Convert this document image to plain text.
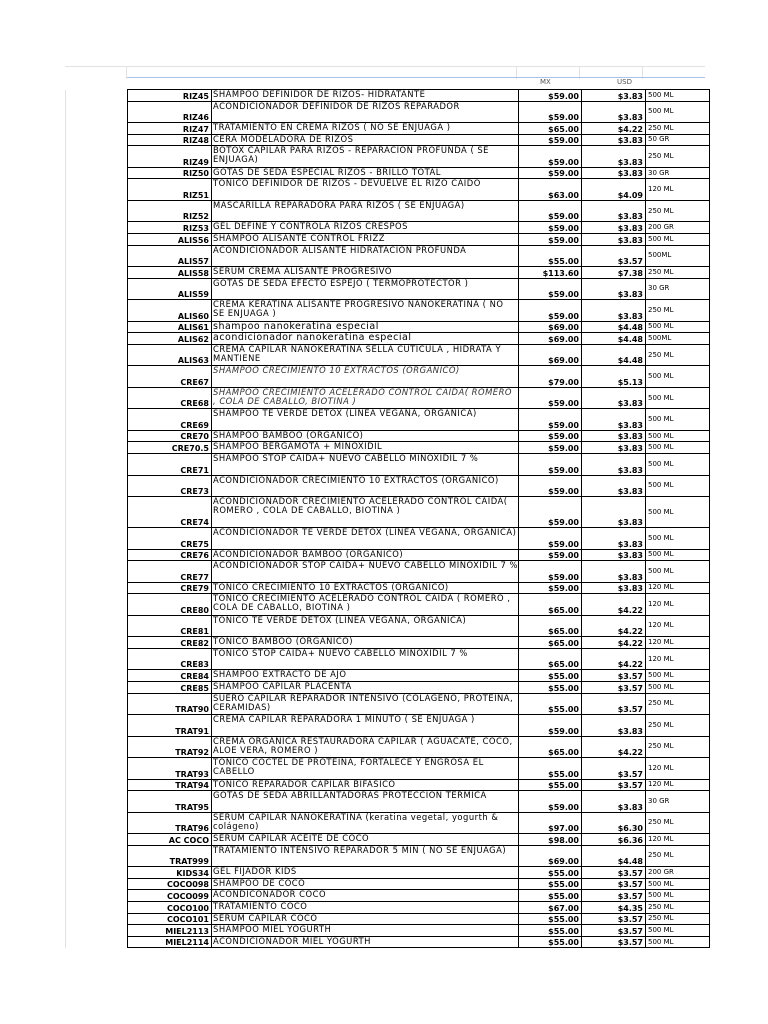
MX	USD
	RIZ45	SHAMPOO DEFINIDOR DE RIZOS- HIDRATANTE	$59.00	$3.83	500 ML
	RIZ46	ACONDICIONADOR DEFINIDOR DE RIZOS REPARADOR	$59.00	$3.83	500 ML
	RIZ47	TRATAMIENTO EN CREMA RIZOS ( NO SE ENJUAGA )	$65.00	$4.22	250 ML
	RIZ48	CERA MODELADORA DE RIZOS	$59.00	$3.83	50 GR
	RIZ49	BOTOX CAPILAR PARA RIZOS - REPARACION PROFUNDA ( SE ENJUAGA)	$59.00	$3.83	250 ML
	RIZ50	GOTAS DE SEDA ESPECIAL RIZOS - BRILLO TOTAL	$59.00	$3.83	30 GR
	RIZ51	TONICO DEFINIDOR DE RIZOS - DEVUELVE EL RIZO CAIDO	$63.00	$4.09	120 ML
	RIZ52	MASCARILLA REPARADORA PARA RIZOS ( SE ENJUAGA)	$59.00	$3.83	250 ML
	RIZ53	GEL DEFINE Y CONTROLA RIZOS CRESPOS	$59.00	$3.83	200 GR
	ALIS56	SHAMPOO ALISANTE CONTROL FRIZZ	$59.00	$3.83	500 ML
	ALIS57	ACONDICIONADOR ALISANTE HIDRATACION PROFUNDA	$55.00	$3.57	500ML
	ALIS58	SERUM CREMA ALISANTE PROGRESIVO	$113.60	$7.38	250 ML
	ALIS59	GOTAS DE SEDA EFECTO ESPEJO ( TERMOPROTECTOR )	$59.00	$3.83	30 GR
	ALIS60	CREMA KERATINA ALISANTE PROGRESIVO NANOKERATINA ( NO SE ENJUAGA )	$59.00	$3.83	250 ML
	ALIS61	shampoo nanokeratina especial	$69.00	$4.48	500 ML
	ALIS62	acondicionador nanokeratina especial	$69.00	$4.48	500ML
	ALIS63	CREMA CAPILAR NANOKERATINA SELLA CUTICULA , HIDRATA Y MANTIENE	$69.00	$4.48	250 ML
	CRE67	SHAMPOO CRECIMIENTO 10 EXTRACTOS (ORGANICO)	$79.00	$5.13	500 ML
	CRE68	SHAMPOO CRECIMIENTO ACELERADO CONTROL CAIDA( ROMERO , COLA DE CABALLO, BIOTINA )	$59.00	$3.83	500 ML
	CRE69	SHAMPOO TE VERDE DETOX (LINEA VEGANA, ORGANICA)	$59.00	$3.83	500 ML
	CRE70	SHAMPOO BAMBOO (ORGANICO)	$59.00	$3.83	500 ML
	CRE70.5	SHAMPOO BERGAMOTA + MINOXIDIL	$59.00	$3.83	500 ML
	CRE71	SHAMPOO STOP CAIDA+ NUEVO CABELLO MINOXIDIL 7 %	$59.00	$3.83	500 ML
	CRE73	ACONDICIONADOR CRECIMIENTO 10 EXTRACTOS (ORGANICO)	$59.00	$3.83	500 ML
	CRE74	ACONDICIONADOR CRECIMIENTO ACELERADO CONTROL CAIDA( ROMERO , COLA DE CABALLO, BIOTINA )	$59.00	$3.83	500 ML
	CRE75	ACONDICIONADOR TE VERDE DETOX (LINEA VEGANA, ORGANICA)	$59.00	$3.83	500 ML
	CRE76	ACONDICIONADOR BAMBOO (ORGANICO)	$59.00	$3.83	500 ML
	CRE77	ACONDICIONADOR STOP CAIDA+ NUEVO CABELLO MINOXIDIL 7 %	$59.00	$3.83	500 ML
	CRE79	TONICO CRECIMIENTO 10 EXTRACTOS (ORGANICO)	$59.00	$3.83	120 ML
	CRE80	TONICO CRECIMIENTO ACELERADO CONTROL CAIDA ( ROMERO , COLA DE CABALLO, BIOTINA )	$65.00	$4.22	120 ML
	CRE81	TONICO TE VERDE DETOX (LINEA VEGANA, ORGANICA)	$65.00	$4.22	120 ML
	CRE82	TONICO BAMBOO (ORGANICO)	$65.00	$4.22	120 ML
	CRE83	TONICO STOP CAIDA+ NUEVO CABELLO MINOXIDIL 7 %	$65.00	$4.22	120 ML
	CRE84	SHAMPOO EXTRACTO DE AJO	$55.00	$3.57	500 ML
	CRE85	SHAMPOO CAPILAR PLACENTA	$55.00	$3.57	500 ML
	TRAT90	SUERO CAPILAR REPARADOR INTENSIVO (COLAGENO, PROTEINA, CERAMIDAS)	$55.00	$3.57	250 ML
	TRAT91	CREMA CAPILAR REPARADORA 1 MINUTO ( SE ENJUAGA )	$59.00	$3.83	250 ML
	TRAT92	CREMA ORGANICA RESTAURADORA CAPILAR ( AGUACATE, COCO, ALOE VERA, ROMERO )	$65.00	$4.22	250 ML
	TRAT93	TONICO COCTEL DE PROTEINA, FORTALECE Y ENGROSA EL CABELLO	$55.00	$3.57	120 ML
	TRAT94	TONICO REPARADOR CAPILAR BIFASICO	$55.00	$3.57	120 ML
	TRAT95	GOTAS DE SEDA ABRILLANTADORAS PROTECCION TERMICA	$59.00	$3.83	30 GR
	TRAT96	SERUM CAPILAR NANOKERATINA (keratina vegetal, yogurth & colágeno)	$97.00	$6.30	250 ML
	AC COCO	SERUM CAPILAR ACEITE DE COCO	$98.00	$6.36	120 ML
	TRAT999	TRATAMIENTO INTENSIVO REPARADOR 5 MIN ( NO SE ENJUAGA)	$69.00	$4.48	250 ML
	KIDS34	GEL FIJADOR KIDS	$55.00	$3.57	200 GR
	COCO098	SHAMPOO DE COCO	$55.00	$3.57	500 ML
	COCO099	ACONDICONADOR COCO	$55.00	$3.57	500 ML
	COCO100	TRATAMIENTO COCO	$67.00	$4.35	250 ML
	COCO101	SERUM CAPILAR COCO	$55.00	$3.57	250 ML
	MIEL2113	SHAMPOO MIEL YOGURTH	$55.00	$3.57	500 ML
	MIEL2114	ACONDICIONADOR MIEL YOGURTH	$55.00	$3.57	500 ML
